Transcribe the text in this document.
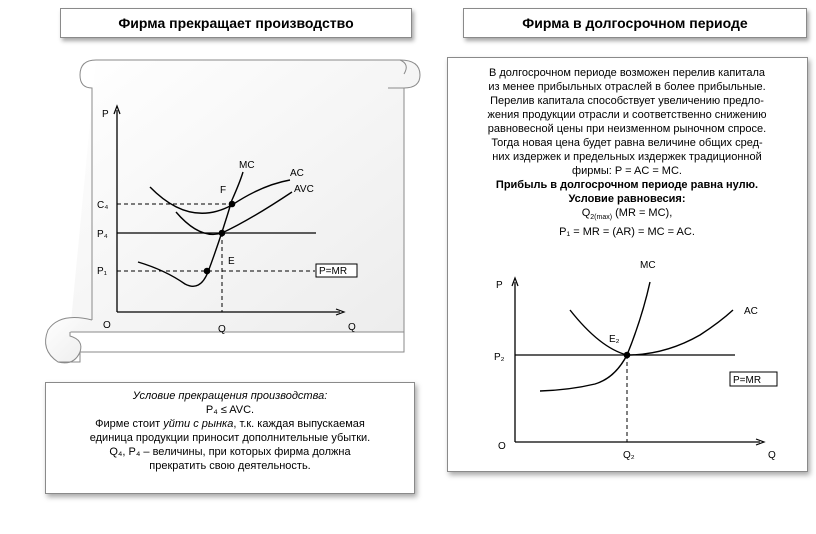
Фирма прекращает производство	Фирма в долгосрочном периоде
P
Q
O
MC
AC
AVC
F
E
C₄
P₄
P₁
Q
P=MR
P
Q
O
MC
AC
E₂
P₂
Q₂
P=MR

Условие прекращения производства:

P₄ ≤ AVC.

Фирме стоит уйти с рынка, т.к. каждая выпускаемая

единица продукции приносит дополнительные убытки.

Q₄, P₄ – величины, при которых фирма должна

прекратить свою деятельность.

В долгосрочном периоде возможен перелив капитала

из менее прибыльных отраслей в более прибыльные.

Перелив капитала способствует увеличению предло-

жения продукции отрасли и соответственно снижению

равновесной цены при неизменном рыночном спросе.

Тогда новая цена будет равна величине общих сред-

них издержек и предельных издержек традиционной

фирмы: P = AC = MC.

Прибыль в долгосрочном периоде равна нулю.

Условие равновесия:

$Q_{2(max)}$ (MR = MC),

P₁ = MR = (AR) = MC = AC.
